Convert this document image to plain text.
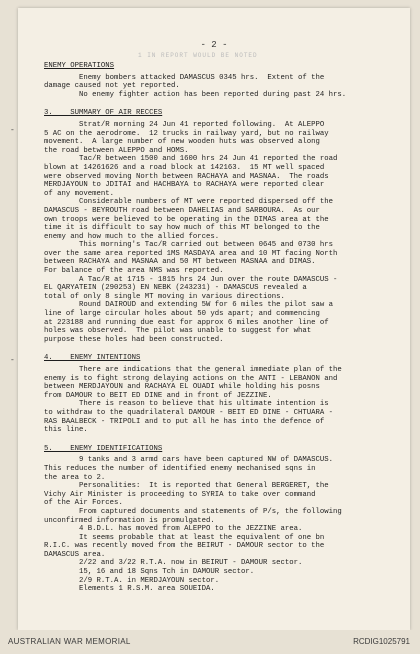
1 IN REPORT WOULD BE NOTED
- 2 -
-
-
ENEMY OPERATIONS
Enemy bombers attacked DAMASCUS 0345 hrs.  Extent of the
damage caused not yet reported.
No enemy fighter action has been reported during past 24 hrs.
3.    SUMMARY OF AIR RECCES
Strat/R morning 24 Jun 41 reported following.  At ALEPPO
5 AC on the aerodrome.  12 trucks in railway yard, but no railway
movement.  A large number of new wooden huts was observed along
the road between ALEPPO and HOMS.
Tac/R between 1500 and 1600 hrs 24 Jun 41 reported the road
blown at 14261626 and a road block at 142163.  15 MT well spaced
were observed moving North between RACHAYA and MASNAA.  The roads
MERDJAYOUN to JDITAI and HACHBAYA to RACHAYA were reported clear
of any movement.
Considerable numbers of MT were reported dispersed off the
DAMASCUS - BEYROUTH road between DAHELIAS and SARBOURA.  As our
own troops were believed to be operating in the DIMAS area at the
time it is difficult to say how much of this MT belonged to the
enemy and how much to the allied forces.
This morning's Tac/R carried out between 0645 and 0730 hrs
over the same area reported 1MS MASDAYA area and 10 MT facing North
between RACHAYA and MASNAA and 50 MT between MASNAA and DIMAS.
For balance of the area NMS was reported.
A Tac/R at 1715 - 1815 hrs 24 Jun over the route DAMASCUS -
EL QARYATEIN (290253) EN NEBK (243231) - DAMASCUS revealed a
total of only 8 single MT moving in various directions.
Round DAIROUD and extending 5W for 6 miles the pilot saw a
line of large circular holes about 50 yds apart; and commencing
at 223188 and running due east for approx 6 miles another line of
holes was observed.  The pilot was unable to suggest for what
purpose these holes had been constructed.
4.    ENEMY INTENTIONS
There are indications that the general immediate plan of the
enemy is to fight strong delaying actions on the ANTI - LEBANON and
between MERDJAYOUN and RACHAYA EL OUADI while holding his posns
from DAMOUR to BEIT ED DINE and in front of JEZZINE.
There is reason to believe that his ultimate intention is
to withdraw to the quadrilateral DAMOUR - BEIT ED DINE - CHTUARA -
RAS BAALBECK - TRIPOLI and to put all he has into the defence of
this line.
5.    ENEMY IDENTIFICATIONS
9 tanks and 3 armd cars have been captured NW of DAMASCUS.
This reduces the number of identified enemy mechanised sqns in
the area to 2.
Personalities:  It is reported that General BERGERET, the
Vichy Air Minister is proceeding to SYRIA to take over command
of the Air Forces.
From captured documents and statements of P/s, the following
unconfirmed information is promulgated.
4 B.D.L. has moved from ALEPPO to the JEZZINE area.
It seems probable that at least the equivalent of one bn
R.I.C. was recently moved from the BEIRUT - DAMOUR sector to the
DAMASCUS area.
2/22 and 3/22 R.T.A. now in BEIRUT - DAMOUR sector.
15, 16 and 18 Sqns Tch in DAMOUR sector.
2/9 R.T.A. in MERDJAYOUN sector.
Elements 1 R.S.M. area SOUEIDA.
AUSTRALIAN WAR MEMORIAL	RCDIG1025791
